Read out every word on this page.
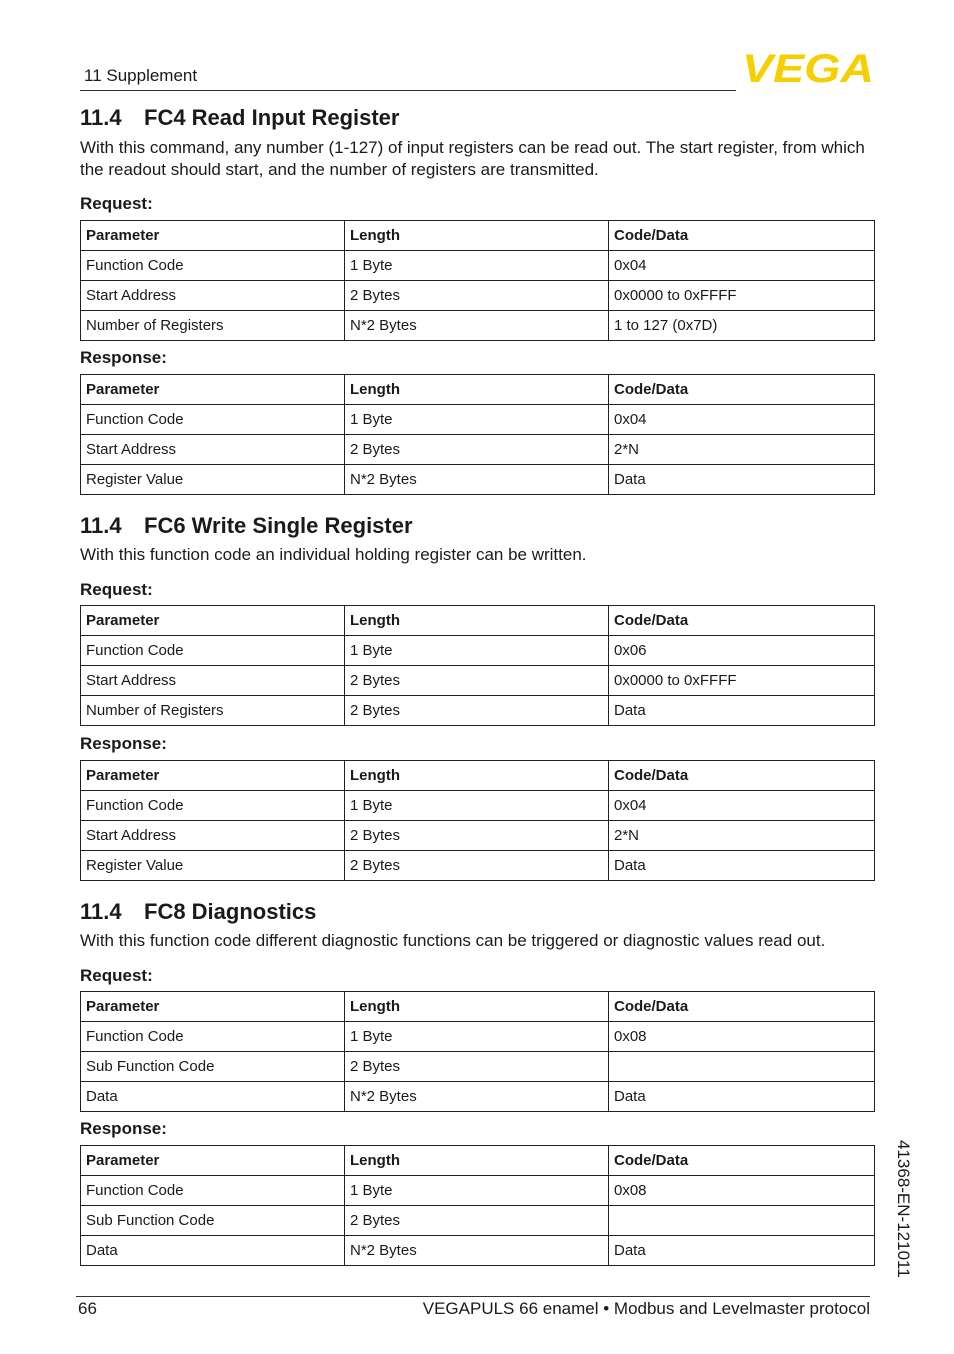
11 Supplement	VEGA
11.4 FC4 Read Input Register

With this command, any number (1-127) of input registers can be read out. The start register, from which the readout should start, and the number of registers are transmitted.

Request:
Parameter	Length	Code/Data
Function Code	1 Byte	0x04
Start Address	2 Bytes	0x0000 to 0xFFFF
Number of Registers	N*2 Bytes	1 to 127 (0x7D)
Response:
Parameter	Length	Code/Data
Function Code	1 Byte	0x04
Start Address	2 Bytes	2*N
Register Value	N*2 Bytes	Data
11.4 FC6 Write Single Register

With this function code an individual holding register can be written.

Request:
Parameter	Length	Code/Data
Function Code	1 Byte	0x06
Start Address	2 Bytes	0x0000 to 0xFFFF
Number of Registers	2 Bytes	Data
Response:
Parameter	Length	Code/Data
Function Code	1 Byte	0x04
Start Address	2 Bytes	2*N
Register Value	2 Bytes	Data
11.4 FC8 Diagnostics

With this function code different diagnostic functions can be triggered or diagnostic values read out.

Request:
Parameter	Length	Code/Data
Function Code	1 Byte	0x08
Sub Function Code	2 Bytes	
Data	N*2 Bytes	Data
Response:
Parameter	Length	Code/Data
Function Code	1 Byte	0x08
Sub Function Code	2 Bytes	
Data	N*2 Bytes	Data
66	VEGAPULS 66 enamel • Modbus and Levelmaster protocol
41368-EN-121011
